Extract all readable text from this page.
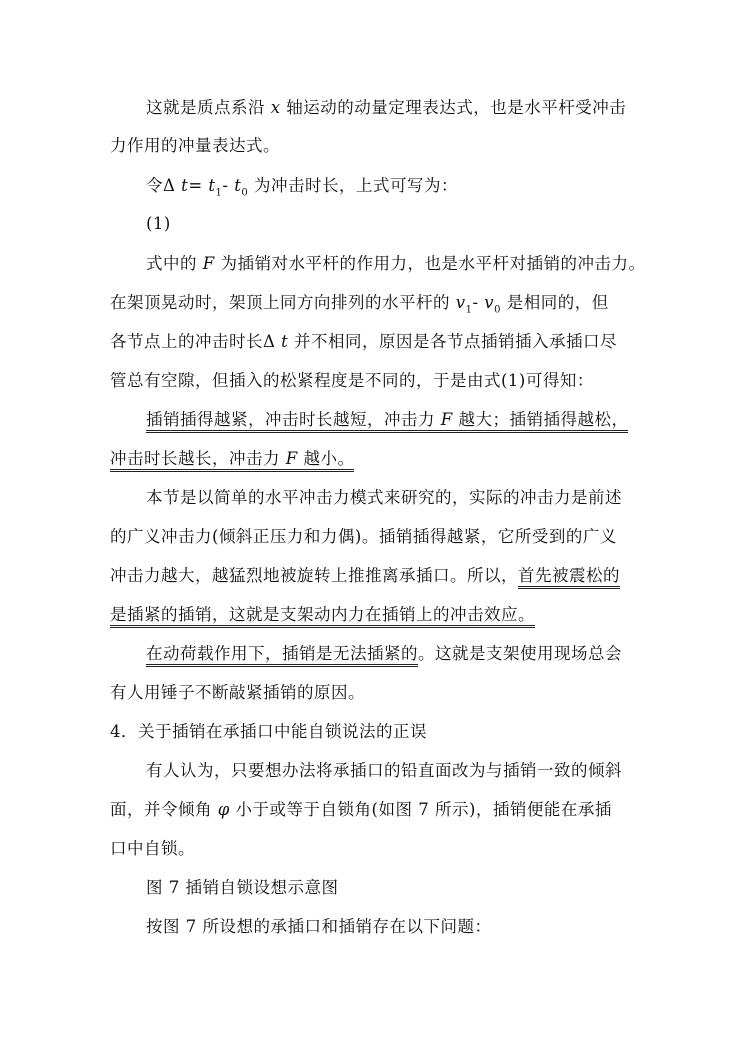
这就是质点系沿 x 轴运动的动量定理表达式，也是水平杆受冲击
力作用的冲量表达式。
令Δ $t= t_1-$ $t_0$ 为冲击时长，上式可写为：
(1)
式中的 F 为插销对水平杆的作用力，也是水平杆对插销的冲击力。
在架顶晃动时，架顶上同方向排列的水平杆的 $v_1-$ $v_0$ 是相同的，但
各节点上的冲击时长Δ t 并不相同，原因是各节点插销插入承插口尽
管总有空隙，但插入的松紧程度是不同的，于是由式(1)可得知：
插销插得越紧，冲击时长越短，冲击力 F 越大；插销插得越松，
冲击时长越长，冲击力 F 越小。
本节是以简单的水平冲击力模式来研究的，实际的冲击力是前述
的广义冲击力(倾斜正压力和力偶)。插销插得越紧，它所受到的广义
冲击力越大，越猛烈地被旋转上推推离承插口。所以，首先被震松的
是插紧的插销，这就是支架动内力在插销上的冲击效应。
在动荷载作用下，插销是无法插紧的。这就是支架使用现场总会
有人用锤子不断敲紧插销的原因。
4．关于插销在承插口中能自锁说法的正误
有人认为，只要想办法将承插口的铅直面改为与插销一致的倾斜
面，并令倾角 φ 小于或等于自锁角(如图 7 所示)，插销便能在承插
口中自锁。
图 7 插销自锁设想示意图
按图 7 所设想的承插口和插销存在以下问题：
